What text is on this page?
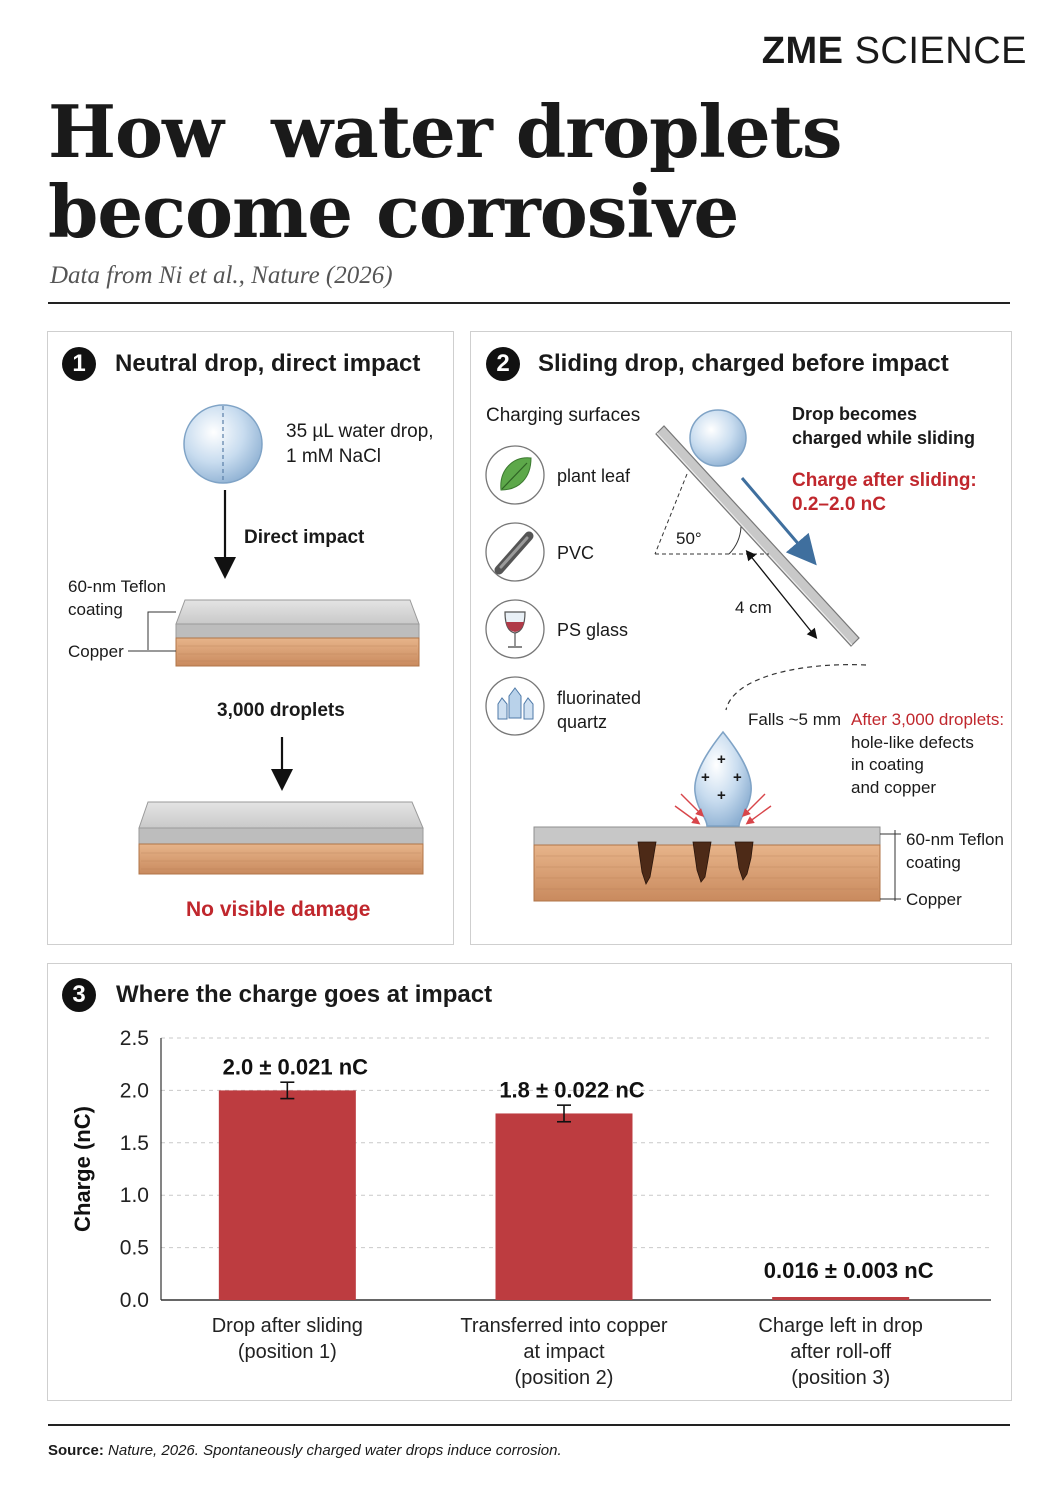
ZME SCIENCE
How  water droplets
become corrosive
Data from Ni et al., Nature (2026)
1	Neutral drop, direct impact
35 µL water drop,
1 mM NaCl
Direct impact
60-nm Teflon
coating
Copper
3,000 droplets
No visible damage
2	Sliding drop, charged before impact
Charging surfaces
plant leaf
PVC
PS glass
fluorinated
quartz
Drop becomes
charged while sliding
Charge after sliding:
0.2–2.0 nC
50°
4 cm
Falls ~5 mm After 3,000 droplets:
hole-like defects
in coating
and copper
+
+ +
+
60-nm Teflon
coating
Copper
3	Where the charge goes at impact
0.0
0.5
1.0
1.5
2.0
2.5
Charge (nC)
2.0 ± 0.021 nC
Drop after sliding
(position 1)
1.8 ± 0.022 nC
Transferred into copper
at impact
(position 2)
0.016 ± 0.003 nC
Charge left in drop
after roll-off
(position 3)
Source: Nature, 2026. Spontaneously charged water drops induce corrosion.
